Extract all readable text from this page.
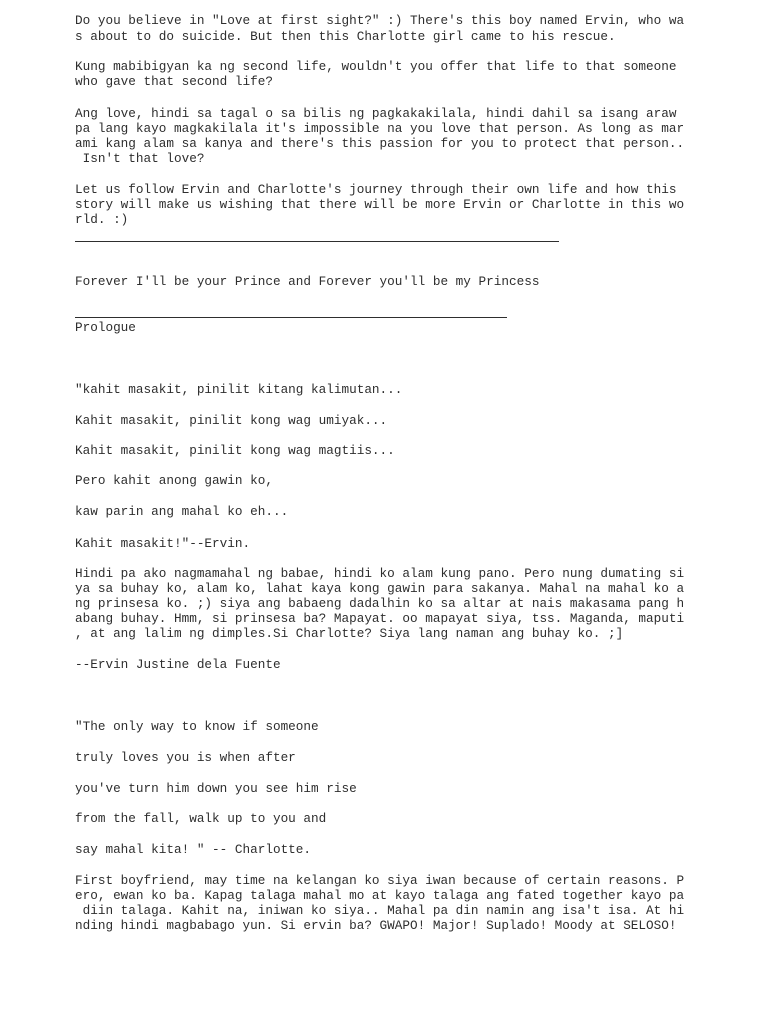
Do you believe in "Love at first sight?" :) There's this boy named Ervin, who wa

s about to do suicide. But then this Charlotte girl came to his rescue.

Kung mabibigyan ka ng second life, wouldn't you offer that life to that someone

who gave that second life?

Ang love, hindi sa tagal o sa bilis ng pagkakakilala, hindi dahil sa isang araw

pa lang kayo magkakilala it's impossible na you love that person. As long as mar

ami kang alam sa kanya and there's this passion for you to protect that person..

Isn't that love?

Let us follow Ervin and Charlotte's journey through their own life and how this

story will make us wishing that there will be more Ervin or Charlotte in this wo

rld. :)

Forever I'll be your Prince and Forever you'll be my Princess

Prologue

"kahit masakit, pinilit kitang kalimutan...

Kahit masakit, pinilit kong wag umiyak...

Kahit masakit, pinilit kong wag magtiis...

Pero kahit anong gawin ko,

kaw parin ang mahal ko eh...

Kahit masakit!"--Ervin.

Hindi pa ako nagmamahal ng babae, hindi ko alam kung pano. Pero nung dumating si

ya sa buhay ko, alam ko, lahat kaya kong gawin para sakanya. Mahal na mahal ko a

ng prinsesa ko. ;) siya ang babaeng dadalhin ko sa altar at nais makasama pang h

abang buhay. Hmm, si prinsesa ba? Mapayat. oo mapayat siya, tss. Maganda, maputi

, at ang lalim ng dimples.Si Charlotte? Siya lang naman ang buhay ko. ;]

--Ervin Justine dela Fuente

"The only way to know if someone

truly loves you is when after

you've turn him down you see him rise

from the fall, walk up to you and

say mahal kita! " -- Charlotte.

First boyfriend, may time na kelangan ko siya iwan because of certain reasons. P

ero, ewan ko ba. Kapag talaga mahal mo at kayo talaga ang fated together kayo pa

diin talaga. Kahit na, iniwan ko siya.. Mahal pa din namin ang isa't isa. At hi

nding hindi magbabago yun. Si ervin ba? GWAPO! Major! Suplado! Moody at SELOSO!
